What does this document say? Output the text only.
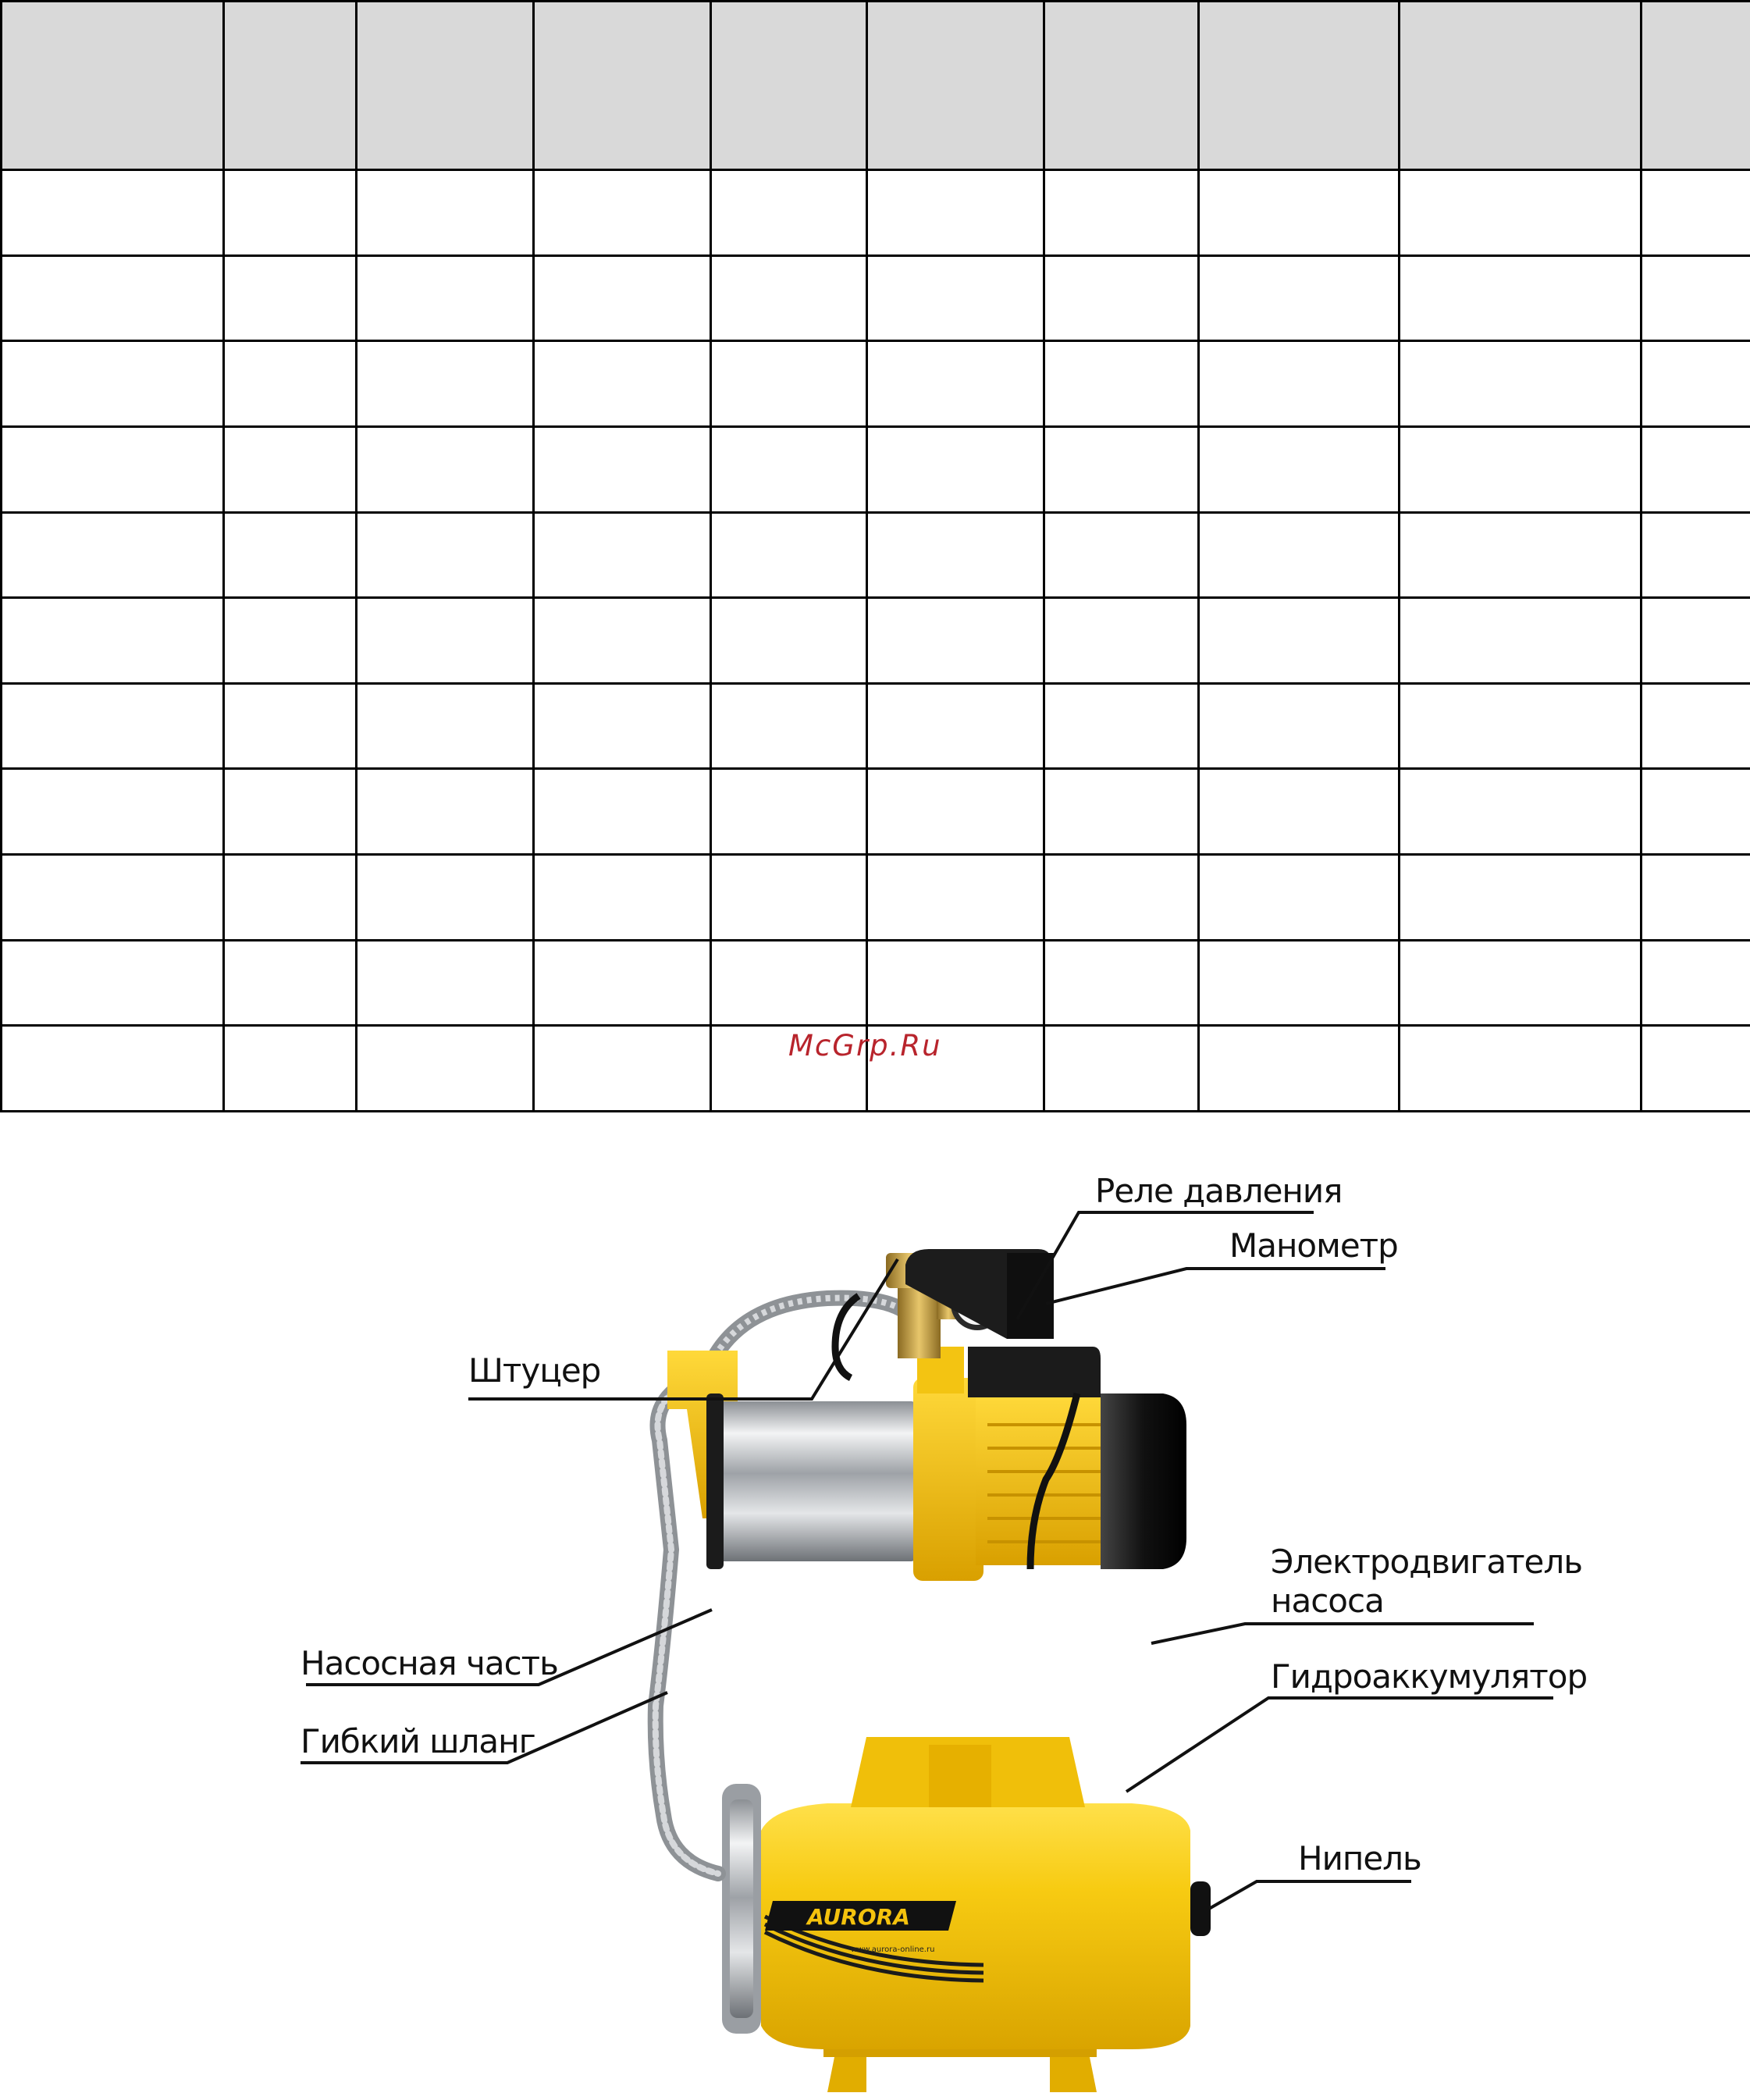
McGrp.Ru
AURORA
www.aurora-online.ru
Реле давления
Штуцер
Манометр
Электродвигатель
насоса
Насосная часть	Гидроаккумулятор
Гибкий шланг
Нипель
